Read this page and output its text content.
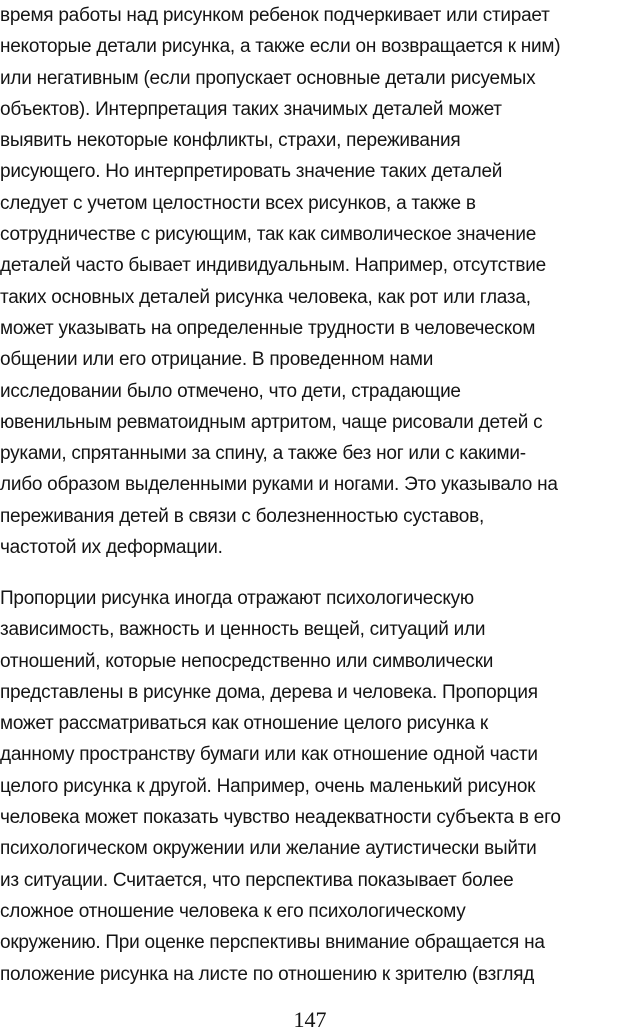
время работы над рисунком ребенок подчеркивает или стирает
некоторые детали рисунка, а также если он возвращается к ним)
или негативным (если пропускает основные детали рисуемых
объектов). Интерпретация таких значимых деталей может
выявить некоторые конфликты, страхи, переживания
рисующего. Но интерпретировать значение таких деталей
следует с учетом целостности всех рисунков, а также в
сотрудничестве с рисующим, так как символическое значение
деталей часто бывает индивидуальным. Например, отсутствие
таких основных деталей рисунка человека, как рот или глаза,
может указывать на определенные трудности в человеческом
общении или его отрицание. В проведенном нами
исследовании было отмечено, что дети, страдающие
ювенильным ревматоидным артритом, чаще рисовали детей с
руками, спрятанными за спину, а также без ног или с какими-
либо образом выделенными руками и ногами. Это указывало на
переживания детей в связи с болезненностью суставов,
частотой их деформации.
Пропорции рисунка иногда отражают психологическую
зависимость, важность и ценность вещей, ситуаций или
отношений, которые непосредственно или символически
представлены в рисунке дома, дерева и человека. Пропорция
может рассматриваться как отношение целого рисунка к
данному пространству бумаги или как отношение одной части
целого рисунка к другой. Например, очень маленький рисунок
человека может показать чувство неадекватности субъекта в его
психологическом окружении или желание аутистически выйти
из ситуации. Считается, что перспектива показывает более
сложное отношение человека к его психологическому
окружению. При оценке перспективы внимание обращается на
положение рисунка на листе по отношению к зрителю (взгляд
147
